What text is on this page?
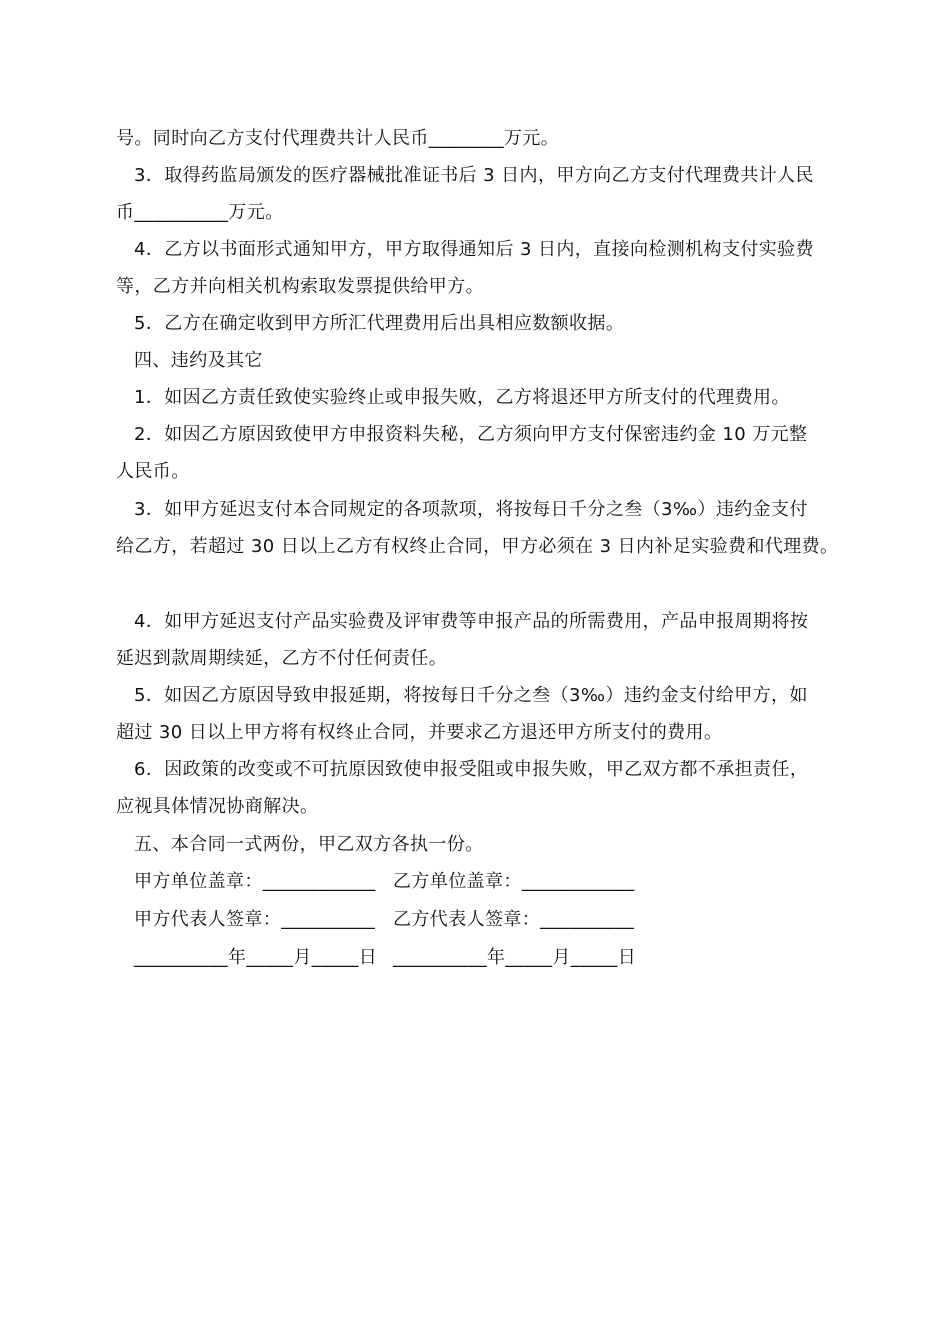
号。同时向乙方支付代理费共计人民币________万元。
3．取得药监局颁发的医疗器械批准证书后 3 日内，甲方向乙方支付代理费共计人民
币__________万元。
4．乙方以书面形式通知甲方，甲方取得通知后 3 日内，直接向检测机构支付实验费
等，乙方并向相关机构索取发票提供给甲方。
5．乙方在确定收到甲方所汇代理费用后出具相应数额收据。
四、违约及其它
1．如因乙方责任致使实验终止或申报失败，乙方将退还甲方所支付的代理费用。
2．如因乙方原因致使甲方申报资料失秘，乙方须向甲方支付保密违约金 10 万元整
人民币。
3．如甲方延迟支付本合同规定的各项款项，将按每日千分之叁（3‰）违约金支付
给乙方，若超过 30 日以上乙方有权终止合同，甲方必须在 3 日内补足实验费和代理费。
4．如甲方延迟支付产品实验费及评审费等申报产品的所需费用，产品申报周期将按
延迟到款周期续延，乙方不付任何责任。
5．如因乙方原因导致申报延期，将按每日千分之叁（3‰）违约金支付给甲方，如
超过 30 日以上甲方将有权终止合同，并要求乙方退还甲方所支付的费用。
6．因政策的改变或不可抗原因致使申报受阻或申报失败，甲乙双方都不承担责任，
应视具体情况协商解决。
五、本合同一式两份，甲乙双方各执一份。
甲方单位盖章：____________ 乙方单位盖章：____________
甲方代表人签章：__________ 乙方代表人签章：__________
__________年_____月_____日 __________年_____月_____日
